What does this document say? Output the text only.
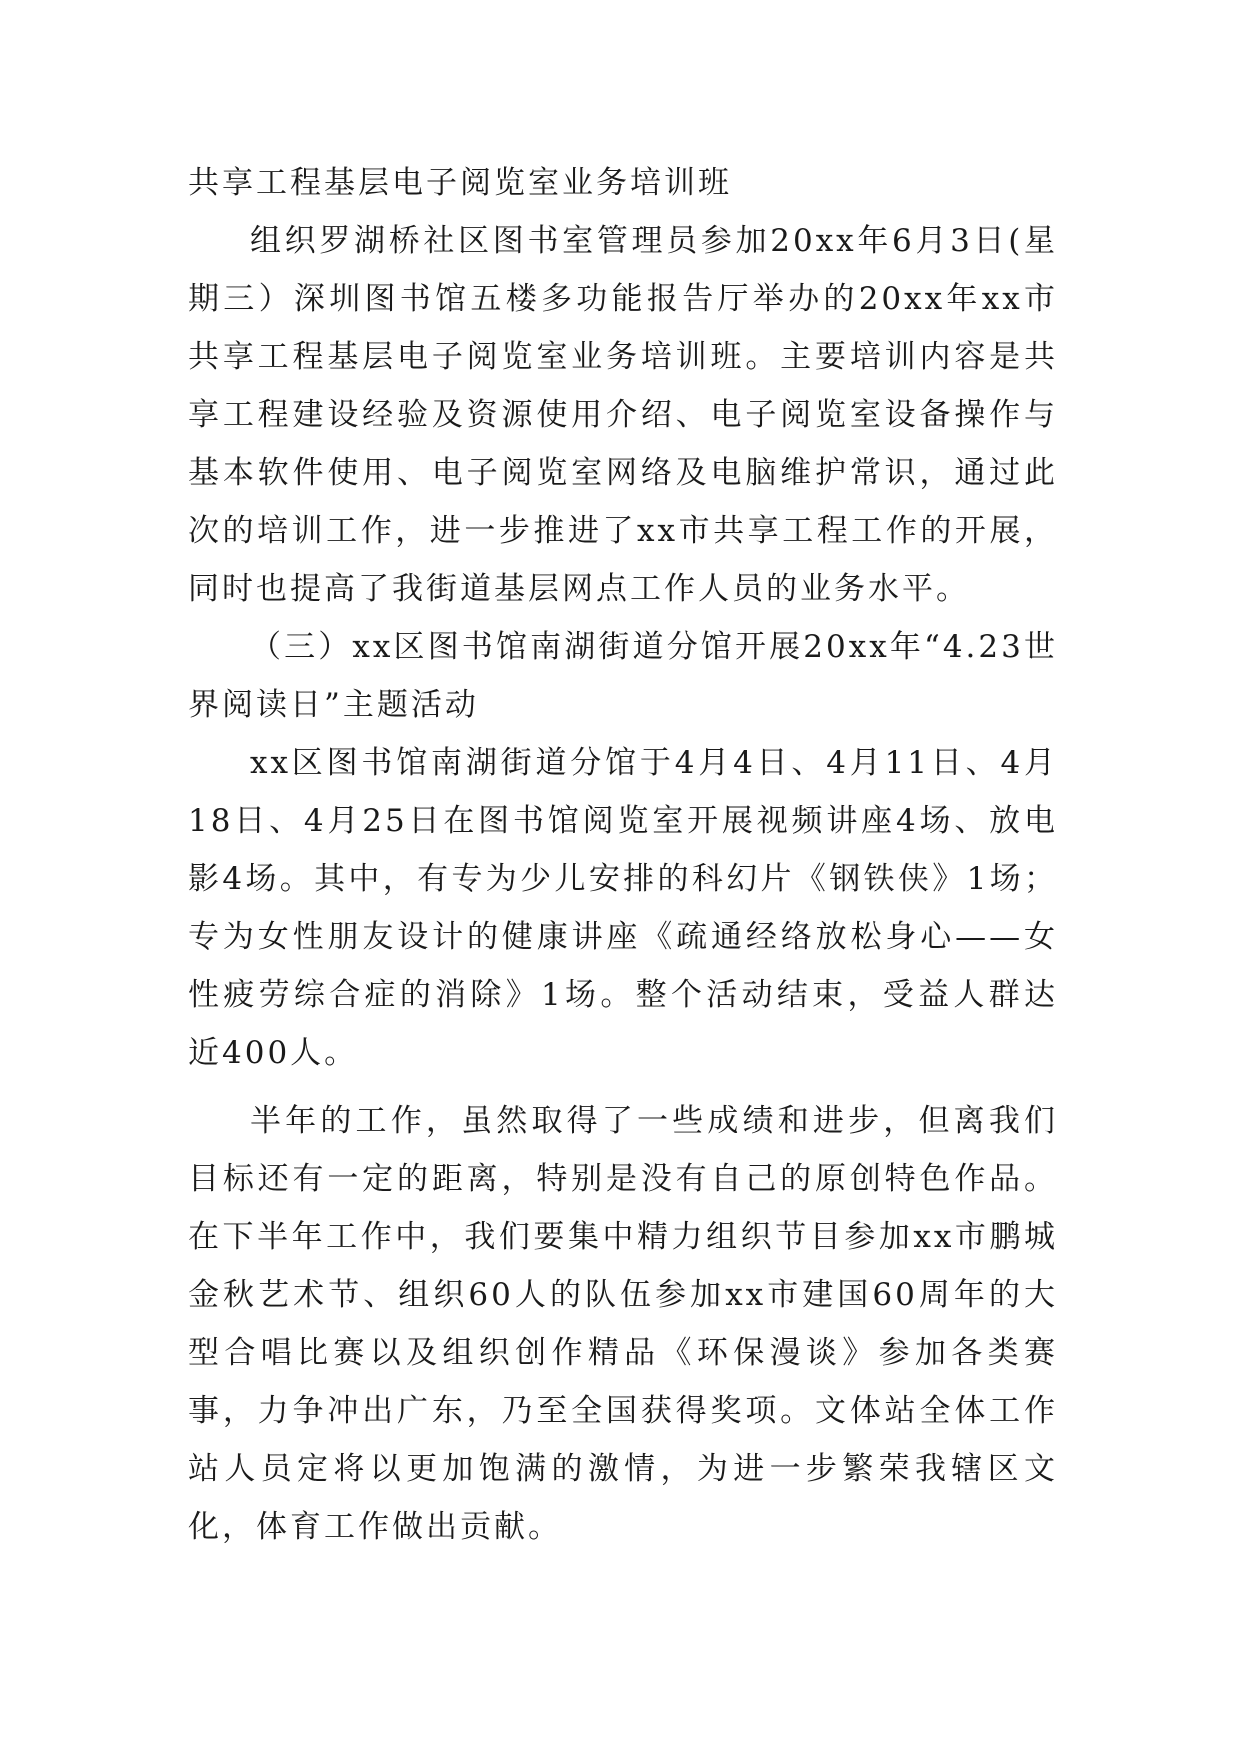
共享工程基层电子阅览室业务培训班

组织罗湖桥社区图书室管理员参加20xx年6月3日(星期三）深圳图书馆五楼多功能报告厅举办的20xx年xx市共享工程基层电子阅览室业务培训班。主要培训内容是共享工程建设经验及资源使用介绍、电子阅览室设备操作与基本软件使用、电子阅览室网络及电脑维护常识，通过此次的培训工作，进一步推进了xx市共享工程工作的开展，同时也提高了我街道基层网点工作人员的业务水平。

（三）xx区图书馆南湖街道分馆开展20xx年“4.23世界阅读日”主题活动

xx区图书馆南湖街道分馆于4月4日、4月11日、4月18日、4月25日在图书馆阅览室开展视频讲座4场、放电影4场。其中，有专为少儿安排的科幻片《钢铁侠》1场；专为女性朋友设计的健康讲座《疏通经络放松身心——女性疲劳综合症的消除》1场。整个活动结束，受益人群达近400人。

半年的工作，虽然取得了一些成绩和进步，但离我们目标还有一定的距离，特别是没有自己的原创特色作品。在下半年工作中，我们要集中精力组织节目参加xx市鹏城金秋艺术节、组织60人的队伍参加xx市建国60周年的大型合唱比赛以及组织创作精品《环保漫谈》参加各类赛事，力争冲出广东，乃至全国获得奖项。文体站全体工作站人员定将以更加饱满的激情，为进一步繁荣我辖区文化，体育工作做出贡献。
